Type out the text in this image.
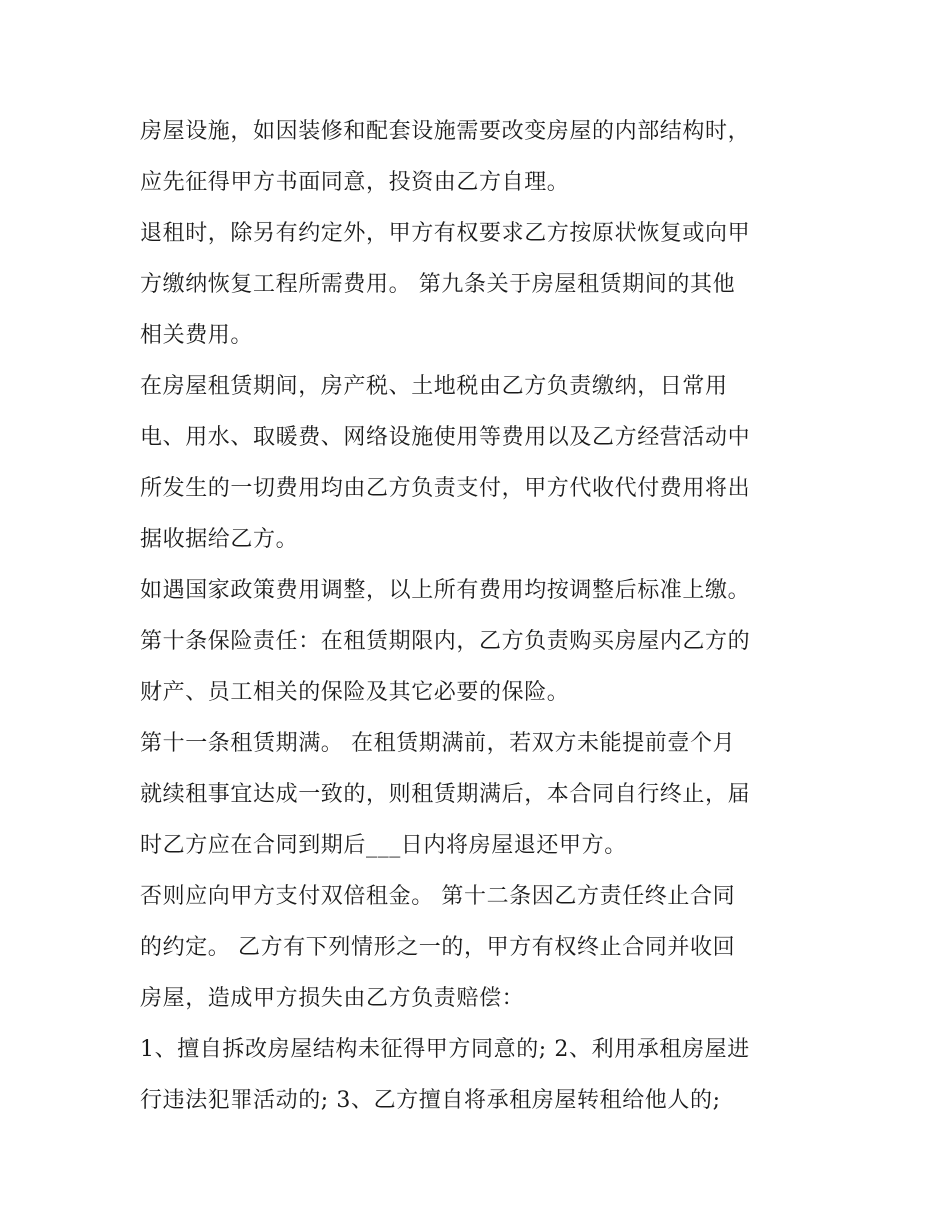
房屋设施，如因装修和配套设施需要改变房屋的内部结构时，
应先征得甲方书面同意，投资由乙方自理。

退租时，除另有约定外，甲方有权要求乙方按原状恢复或向甲
方缴纳恢复工程所需费用。 第九条关于房屋租赁期间的其他
相关费用。

在房屋租赁期间，房产税、土地税由乙方负责缴纳，日常用
电、用水、取暖费、网络设施使用等费用以及乙方经营活动中
所发生的一切费用均由乙方负责支付，甲方代收代付费用将出
据收据给乙方。

如遇国家政策费用调整，以上所有费用均按调整后标准上缴。

第十条保险责任：在租赁期限内，乙方负责购买房屋内乙方的
财产、员工相关的保险及其它必要的保险。

第十一条租赁期满。 在租赁期满前，若双方未能提前壹个月
就续租事宜达成一致的，则租赁期满后，本合同自行终止，届
时乙方应在合同到期后___日内将房屋退还甲方。

否则应向甲方支付双倍租金。 第十二条因乙方责任终止合同
的约定。 乙方有下列情形之一的，甲方有权终止合同并收回
房屋，造成甲方损失由乙方负责赔偿：

1、擅自拆改房屋结构未征得甲方同意的; 2、利用承租房屋进
行违法犯罪活动的; 3、乙方擅自将承租房屋转租给他人的;
